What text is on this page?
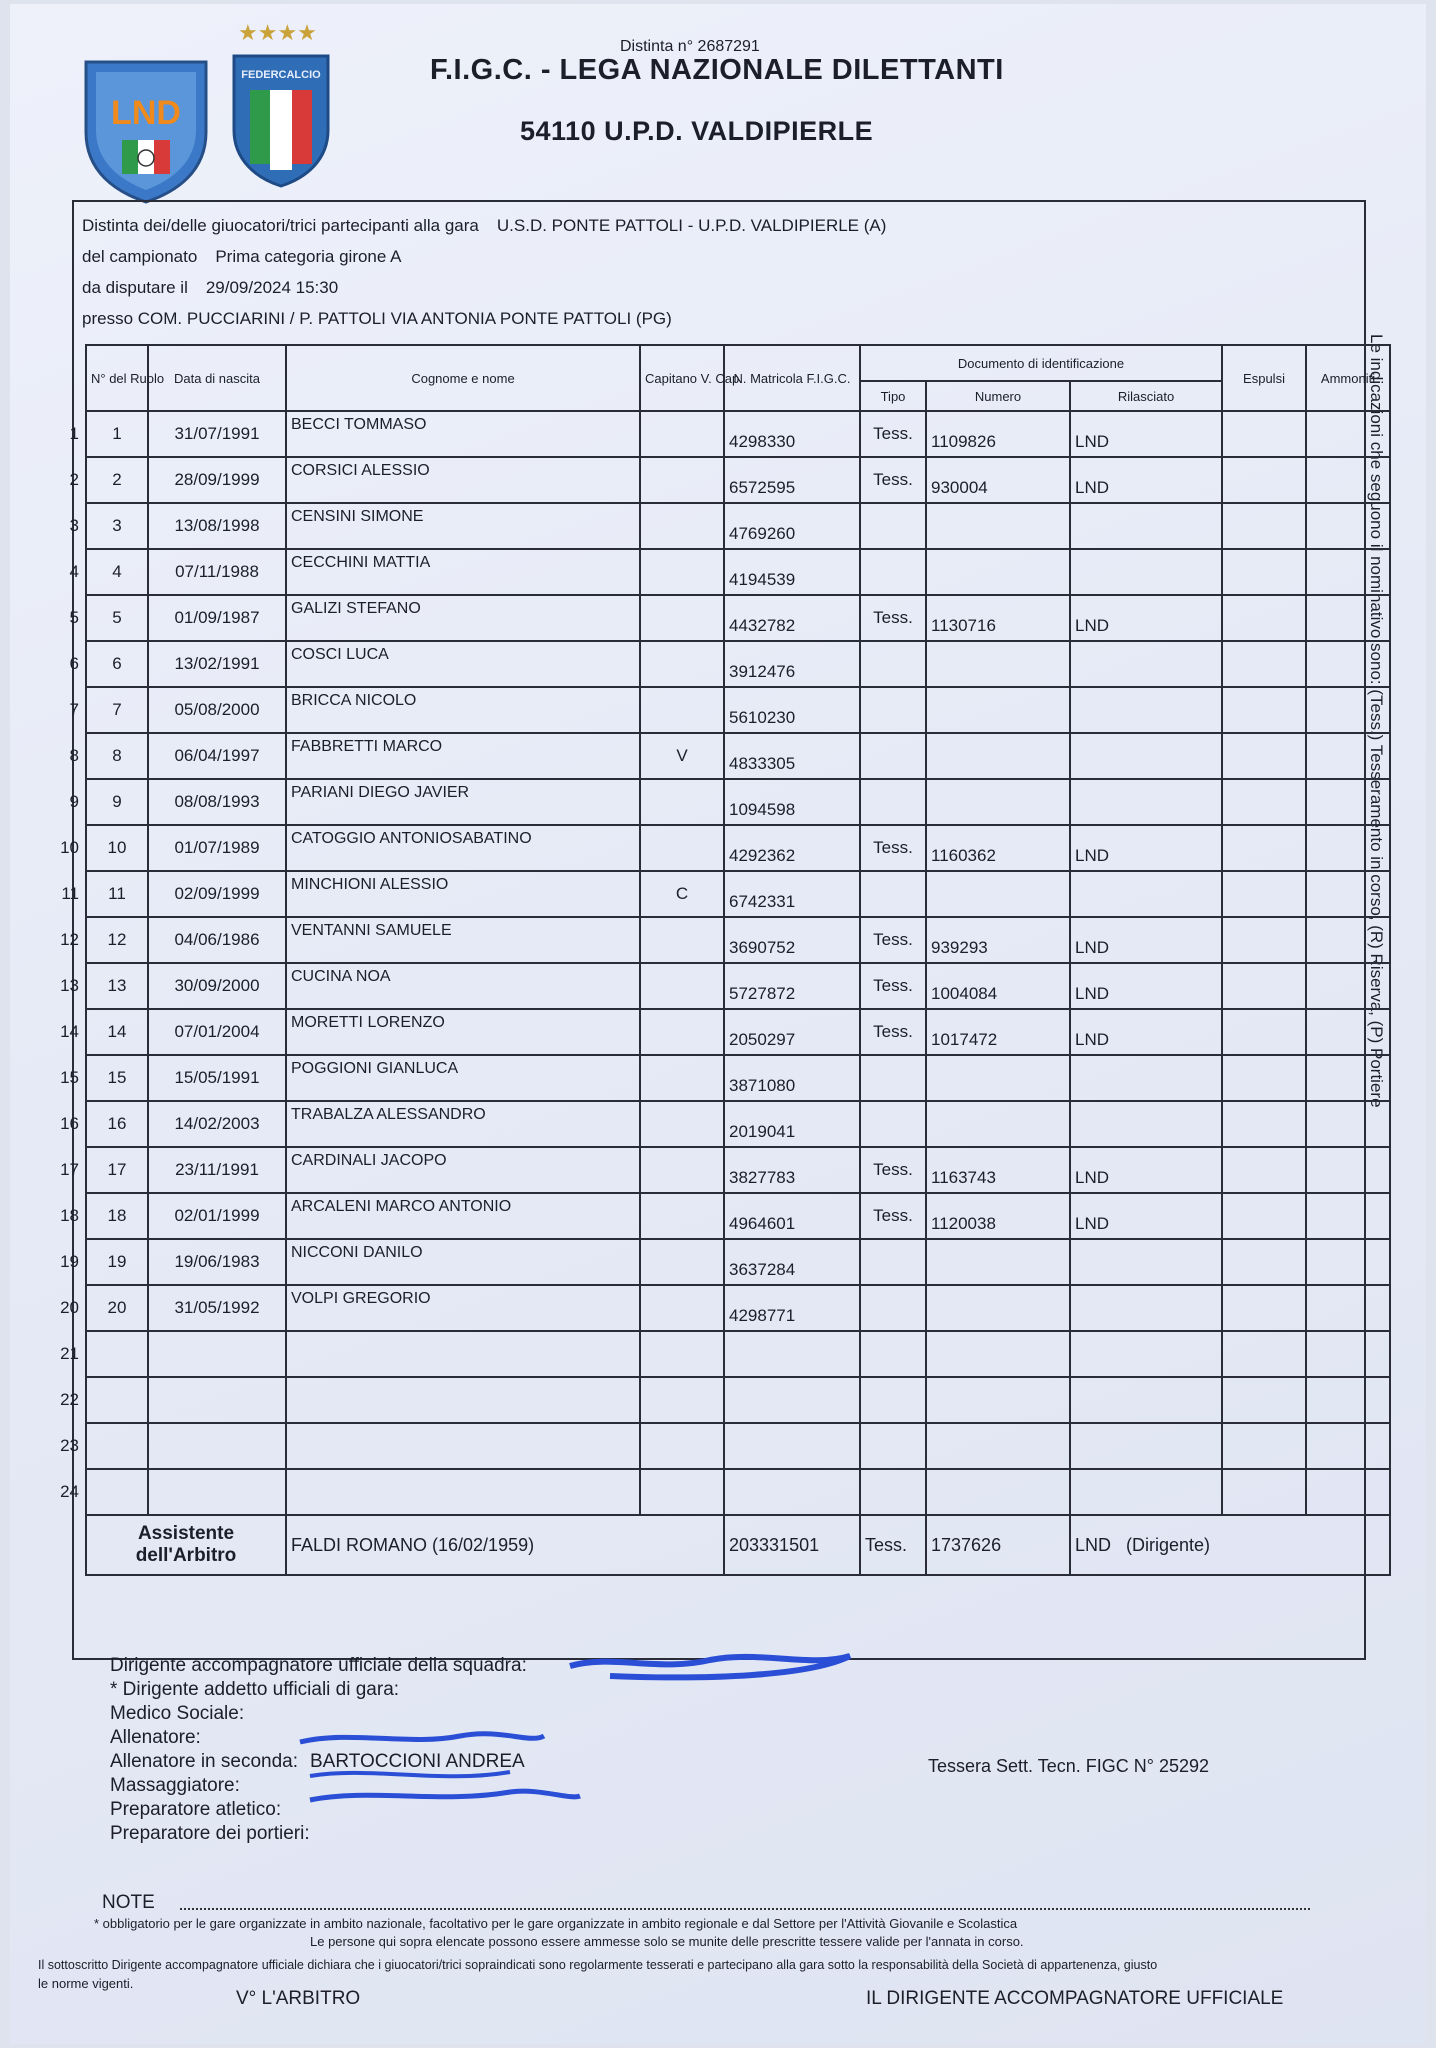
LND
★★★★
FEDERCALCIO
Distinta n° 2687291
F.I.G.C. - LEGA NAZIONALE DILETTANTI
54110 U.P.D. VALDIPIERLE
Le indicazioni che seguono il nominativo sono: (Tess.) Tesseramento in corso, (R) Riserva, (P) Portiere
Distinta dei/delle giuocatori/trici partecipanti alla gara U.S.D. PONTE PATTOLI - U.P.D. VALDIPIERLE (A)
del campionato Prima categoria girone A
da disputare il 29/09/2024 15:30
presso COM. PUCCIARINI / P. PATTOLI VIA ANTONIA PONTE PATTOLI (PG)
	N° del Ruolo	Data di nascita	Cognome e nome	Capitano V. Cap.	N. Matricola F.I.G.C.	Documento di identificazione			Espulsi	Ammoniti
						Tipo	Numero	Rilasciato		
1	1	31/07/1991	BECCI TOMMASO		4298330	Tess.	1109826	LND		
2	2	28/09/1999	CORSICI ALESSIO		6572595	Tess.	930004	LND		
3	3	13/08/1998	CENSINI SIMONE		4769260					
4	4	07/11/1988	CECCHINI MATTIA		4194539					
5	5	01/09/1987	GALIZI STEFANO		4432782	Tess.	1130716	LND		
6	6	13/02/1991	COSCI LUCA		3912476					
7	7	05/08/2000	BRICCA NICOLO		5610230					
8	8	06/04/1997	FABBRETTI MARCO	V	4833305					
9	9	08/08/1993	PARIANI DIEGO JAVIER		1094598					
10	10	01/07/1989	CATOGGIO ANTONIOSABATINO		4292362	Tess.	1160362	LND		
11	11	02/09/1999	MINCHIONI ALESSIO	C	6742331					
12	12	04/06/1986	VENTANNI SAMUELE		3690752	Tess.	939293	LND		
13	13	30/09/2000	CUCINA NOA		5727872	Tess.	1004084	LND		
14	14	07/01/2004	MORETTI LORENZO		2050297	Tess.	1017472	LND		
15	15	15/05/1991	POGGIONI GIANLUCA		3871080					
16	16	14/02/2003	TRABALZA ALESSANDRO		2019041					
17	17	23/11/1991	CARDINALI JACOPO		3827783	Tess.	1163743	LND		
18	18	02/01/1999	ARCALENI MARCO ANTONIO		4964601	Tess.	1120038	LND		
19	19	19/06/1983	NICCONI DANILO		3637284					
20	20	31/05/1992	VOLPI GREGORIO		4298771					
21										
22										
23										
24										
	Assistente
dell'Arbitro		FALDI ROMANO (16/02/1959)		203331501	Tess.	1737626	LND (Dirigente)		
Dirigente accompagnatore ufficiale della squadra:
* Dirigente addetto ufficiali di gara:
Medico Sociale:
Allenatore:
Allenatore in seconda: BARTOCCIONI ANDREA
Massaggiatore:
Preparatore atletico:
Preparatore dei portieri:
Tessera Sett. Tecn. FIGC N° 25292
NOTE
* obbligatorio per le gare organizzate in ambito nazionale, facoltativo per le gare organizzate in ambito regionale e dal Settore per l'Attività Giovanile e Scolastica
Le persone qui sopra elencate possono essere ammesse solo se munite delle prescritte tessere valide per l'annata in corso.
Il sottoscritto Dirigente accompagnatore ufficiale dichiara che i giuocatori/trici sopraindicati sono regolarmente tesserati e partecipano alla gara sotto la responsabilità della Società di appartenenza, giusto
le norme vigenti.
V° L'ARBITRO	IL DIRIGENTE ACCOMPAGNATORE UFFICIALE
